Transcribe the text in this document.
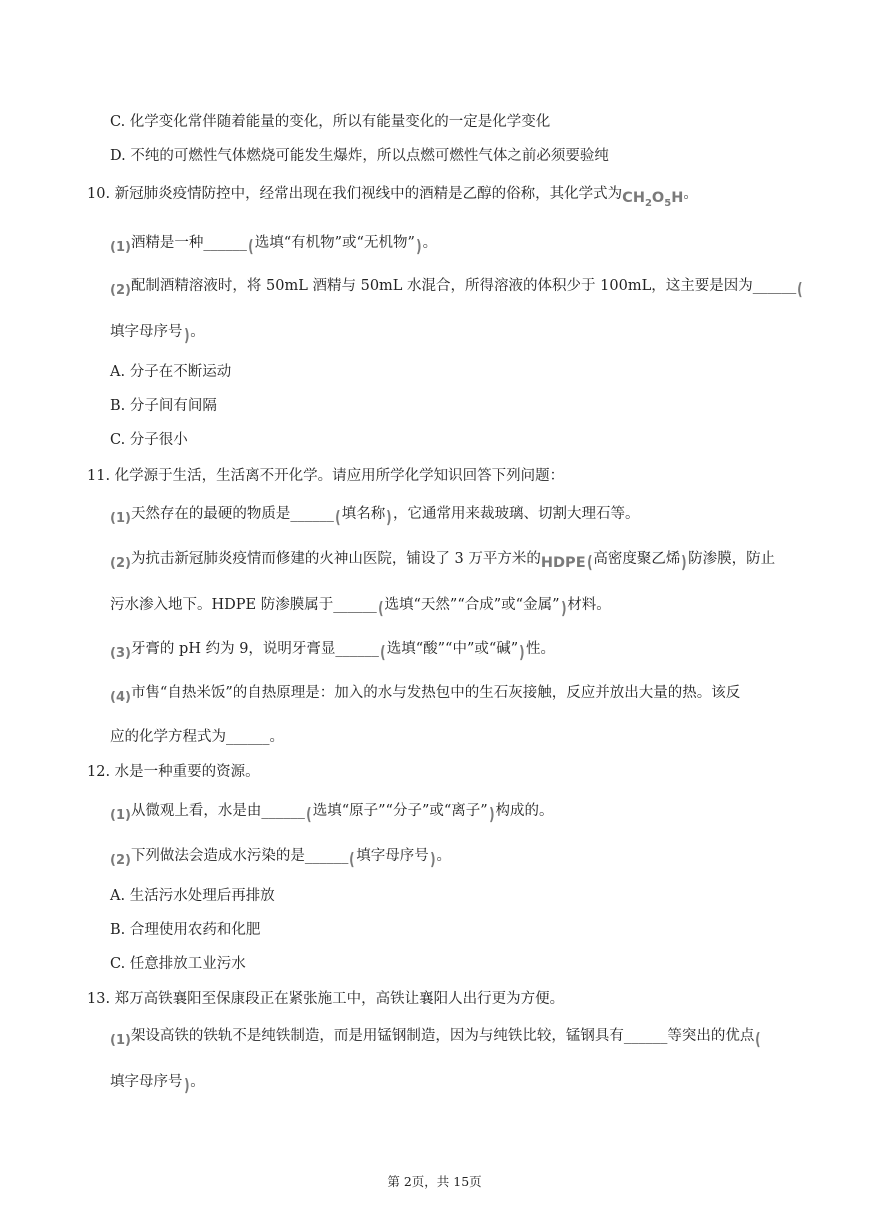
C. 化学变化常伴随着能量的变化，所以有能量变化的一定是化学变化
D. 不纯的可燃性气体燃烧可能发生爆炸，所以点燃可燃性气体之前必须要验纯
10. 新冠肺炎疫情防控中，经常出现在我们视线中的酒精是乙醇的俗称，其化学式为$CH_2O_5H$。
(1)酒精是一种______(选填“有机物”或“无机物”)。
(2)配制酒精溶液时，将 50mL 酒精与 50mL 水混合，所得溶液的体积少于 100mL，这主要是因为______(
填字母序号)。
A. 分子在不断运动
B. 分子间有间隔
C. 分子很小
11. 化学源于生活，生活离不开化学。请应用所学化学知识回答下列问题：
(1)天然存在的最硬的物质是______(填名称)，它通常用来裁玻璃、切割大理石等。
(2)为抗击新冠肺炎疫情而修建的火神山医院，铺设了 3 万平方米的HDPE(高密度聚乙烯)防渗膜，防止
污水渗入地下。HDPE 防渗膜属于______(选填“天然”“合成”或“金属”)材料。
(3)牙膏的 pH 约为 9，说明牙膏显______(选填“酸”“中”或“碱”)性。
(4)市售“自热米饭”的自热原理是：加入的水与发热包中的生石灰接触，反应并放出大量的热。该反
应的化学方程式为______。
12. 水是一种重要的资源。
(1)从微观上看，水是由______(选填“原子”“分子”或“离子”)构成的。
(2)下列做法会造成水污染的是______(填字母序号)。
A. 生活污水处理后再排放
B. 合理使用农药和化肥
C. 任意排放工业污水
13. 郑万高铁襄阳至保康段正在紧张施工中，高铁让襄阳人出行更为方便。
(1)架设高铁的铁轨不是纯铁制造，而是用锰钢制造，因为与纯铁比较，锰钢具有______等突出的优点(
填字母序号)。
第 2页，共 15页
